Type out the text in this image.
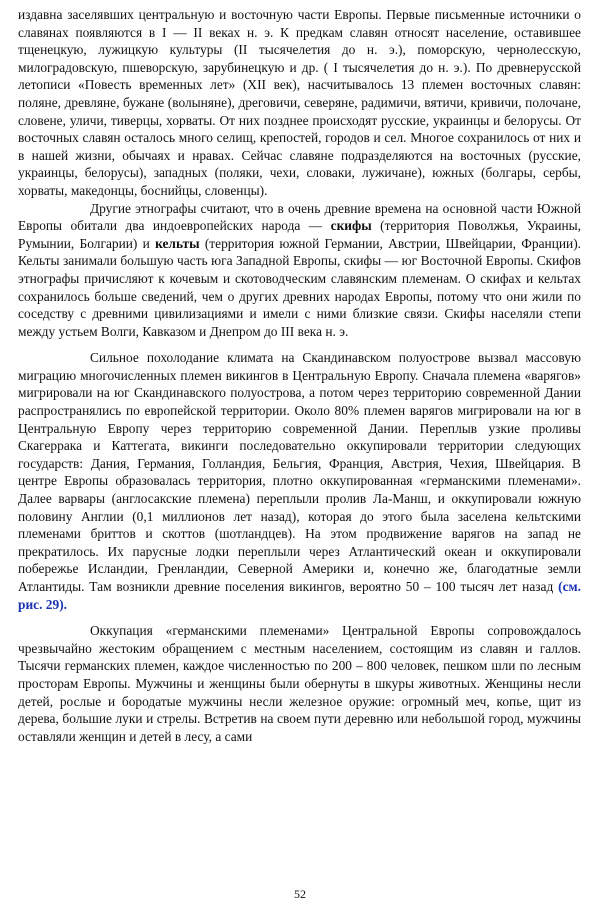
издавна заселявших центральную и восточную части Европы. Первые письменные источники о славянах появляются в I — II веках н. э. К предкам славян относят население, оставившее тщенецкую, лужицкую культуры (II тысячелетия до н. э.), поморскую, чернолесскую, милоградовскую, пшеворскую, зарубинецкую и др. ( I тысячелетия до н. э.). По древнерусской летописи «Повесть временных лет» (XII век), насчитывалось 13 племен восточных славян: поляне, древляне, бужане (волыняне), дреговичи, северяне, радимичи, вятичи, кривичи, полочане, словене, уличи, тиверцы, хорваты. От них позднее происходят русские, украинцы и белорусы. От восточных славян осталось много селищ, крепостей, городов и сел. Многое сохранилось от них и в нашей жизни, обычаях и нравах. Сейчас славяне подразделяются на восточных (русские, украинцы, белорусы), западных (поляки, чехи, словаки, лужичане), южных (болгары, сербы, хорваты, македонцы, боснийцы, словенцы).

Другие этнографы считают, что в очень древние времена на основной части Южной Европы обитали два индоевропейских народа — скифы (территория Поволжья, Украины, Румынии, Болгарии) и кельты (территория южной Германии, Австрии, Швейцарии, Франции). Кельты занимали большую часть юга Западной Европы, скифы — юг Восточной Европы. Скифов этнографы причисляют к кочевым и скотоводческим славянским племенам. О скифах и кельтах сохранилось больше сведений, чем о других древних народах Европы, потому что они жили по соседству с древними цивилизациями и имели с ними близкие связи. Скифы населяли степи между устьем Волги, Кавказом и Днепром до III века н. э.

Сильное похолодание климата на Скандинавском полуострове вызвал массовую миграцию многочисленных племен викингов в Центральную Европу. Сначала племена «варягов» мигрировали на юг Скандинавского полуострова, а потом через территорию современной Дании распространялись по европейской территории. Около 80% племен варягов мигрировали на юг в Центральную Европу через территорию современной Дании. Переплыв узкие проливы Скагеррака и Каттегата, викинги последовательно оккупировали территории следующих государств: Дания, Германия, Голландия, Бельгия, Франция, Австрия, Чехия, Швейцария. В центре Европы образовалась территория, плотно оккупированная «германскими племенами». Далее варвары (англосакские племена) переплыли пролив Ла-Манш, и оккупировали южную половину Англии (0,1 миллионов лет назад), которая до этого была заселена кельтскими племенами бриттов и скоттов (шотландцев). На этом продвижение варягов на запад не прекратилось. Их парусные лодки переплыли через Атлантический океан и оккупировали побережье Исландии, Гренландии, Северной Америки и, конечно же, благодатные земли Атлантиды. Там возникли древние поселения викингов, вероятно 50 – 100 тысяч лет назад (см. рис. 29).

Оккупация «германскими племенами» Центральной Европы сопровождалось чрезвычайно жестоким обращением с местным населением, состоящим из славян и галлов. Тысячи германских племен, каждое численностью по 200 – 800 человек, пешком шли по лесным просторам Европы. Мужчины и женщины были обернуты в шкуры животных. Женщины несли детей, рослые и бородатые мужчины несли железное оружие: огромный меч, копье, щит из дерева, большие луки и стрелы. Встретив на своем пути деревню или небольшой город, мужчины оставляли женщин и детей в лесу, а сами

52
